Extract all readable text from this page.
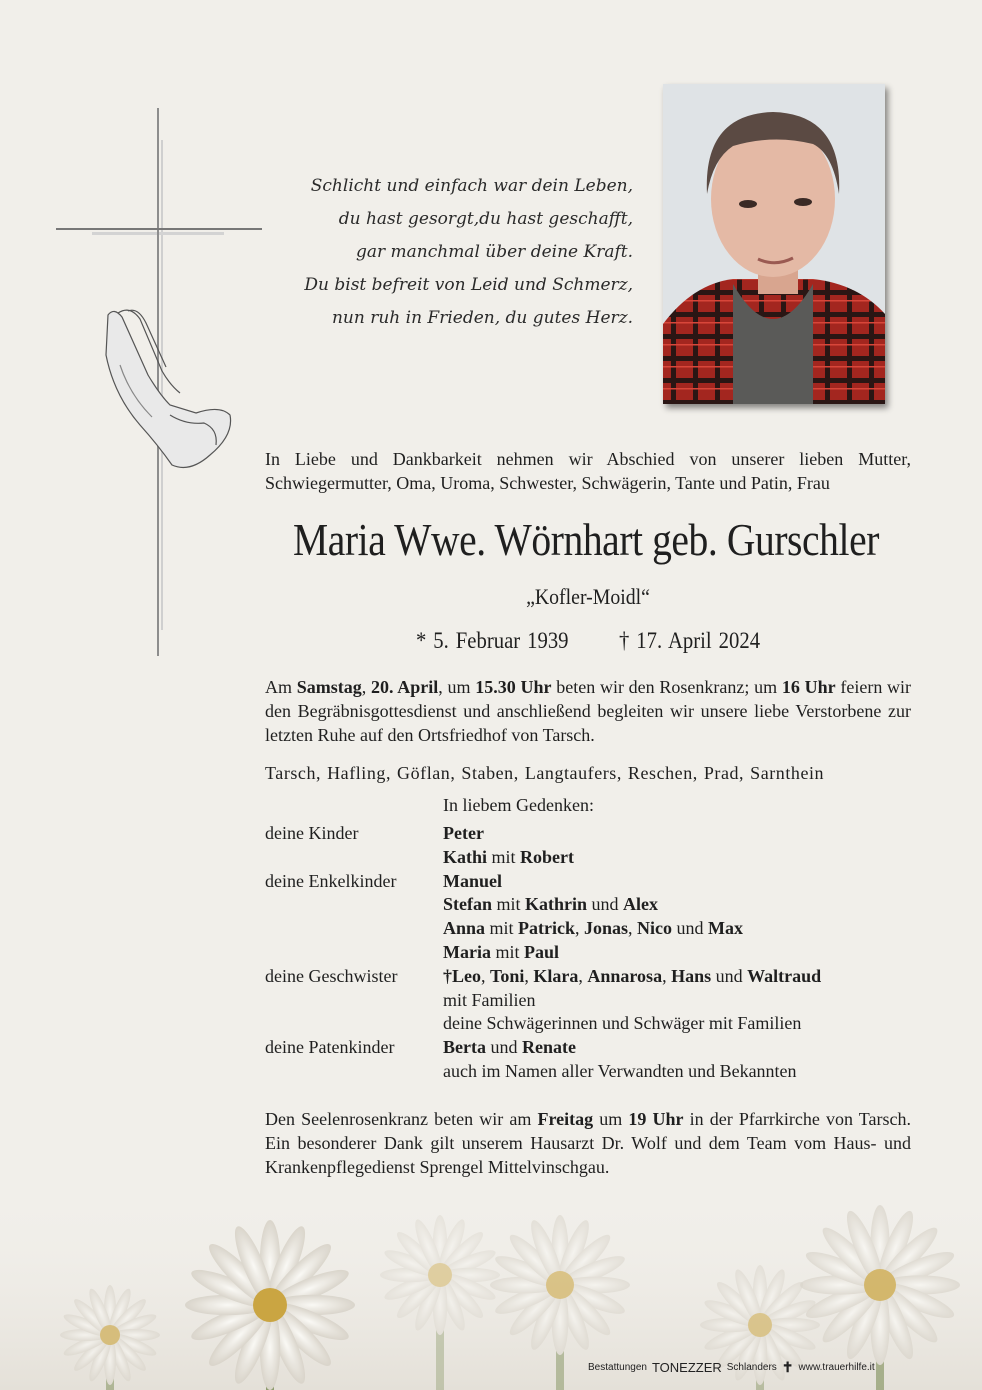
Schlicht und einfach war dein Leben,
du hast gesorgt,du hast geschafft,
gar manchmal über deine Kraft.
Du bist befreit von Leid und Schmerz,
nun ruh in Frieden, du gutes Herz.
In Liebe und Dankbarkeit nehmen wir Abschied von unserer lieben Mutter,
Schwiegermutter, Oma, Uroma, Schwester, Schwägerin, Tante und Patin, Frau
Maria Wwe. Wörnhart geb. Gurschler
„Kofler-Moidl“
* 5. Februar 1939 † 17. April 2024
Am Samstag, 20. April, um 15.30 Uhr beten wir den Rosenkranz; um 16 Uhr feiern wir den Begräbnisgottesdienst und anschließend begleiten wir unsere liebe Verstorbene zur letzten Ruhe auf den Ortsfriedhof von Tarsch.
Tarsch, Hafling, Göflan, Staben, Langtaufers, Reschen, Prad, Sarnthein
In liebem Gedenken:
deine Kinder	Peter
Kathi mit Robert
deine Enkelkinder	Manuel
Stefan mit Kathrin und Alex
Anna mit Patrick, Jonas, Nico und Max
Maria mit Paul
deine Geschwister	†Leo, Toni, Klara, Annarosa, Hans und Waltraud
mit Familien
deine Schwägerinnen und Schwäger mit Familien
deine Patenkinder	Berta und Renate
auch im Namen aller Verwandten und Bekannten
Den Seelenrosenkranz beten wir am Freitag um 19 Uhr in der Pfarrkirche von Tarsch. Ein besonderer Dank gilt unserem Hausarzt Dr. Wolf und dem Team vom Haus- und Krankenpflegedienst Sprengel Mittelvinschgau.
Bestattungen TONEZZER Schlanders ✝︎ www.trauerhilfe.it
